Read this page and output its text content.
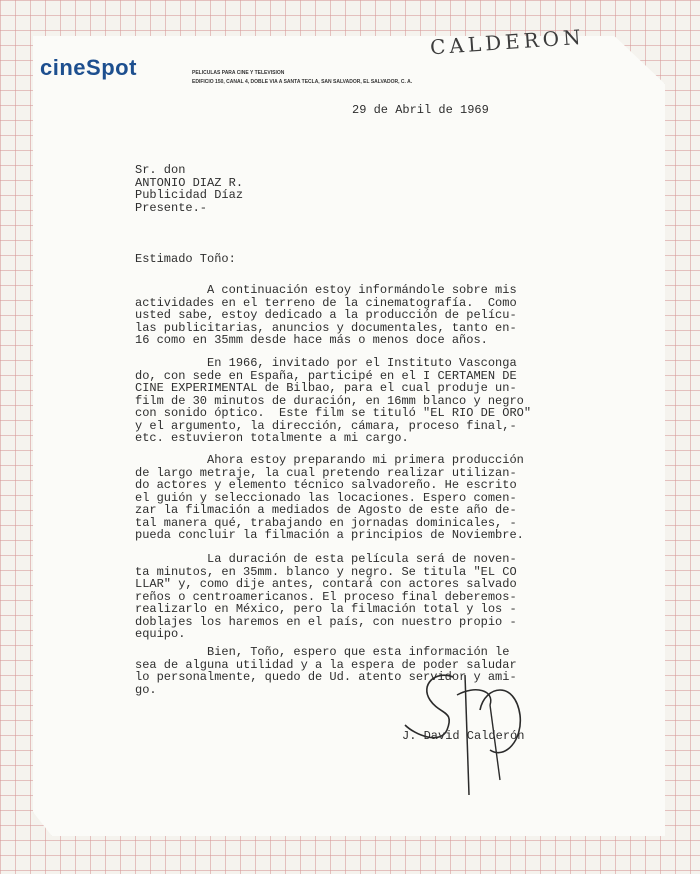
cineSpot	PELICULAS PARA CINE Y TELEVISION
EDIFICIO 150, CANAL 4, DOBLE VIA A SANTA TECLA, SAN SALVADOR, EL SALVADOR, C. A.
CALDERON

29 de Abril de 1969

Sr. don
ANTONIO DIAZ R.
Publicidad Díaz
Presente.-

Estimado Toño:

A continuación estoy informándole sobre mis
actividades en el terreno de la cinematografía.  Como
usted sabe, estoy dedicado a la producción de pelícu-
las publicitarias, anuncios y documentales, tanto en-
16 como en 35mm desde hace más o menos doce años.

En 1966, invitado por el Instituto Vasconga
do, con sede en España, participé en el I CERTAMEN DE
CINE EXPERIMENTAL de Bilbao, para el cual produje un-
film de 30 minutos de duración, en 16mm blanco y negro
con sonido óptico.  Este film se tituló "EL RIO DE ORO"
y el argumento, la dirección, cámara, proceso final,-
etc. estuvieron totalmente a mi cargo.

Ahora estoy preparando mi primera producción
de largo metraje, la cual pretendo realizar utilizan-
do actores y elemento técnico salvadoreño. He escrito
el guión y seleccionado las locaciones. Espero comen-
zar la filmación a mediados de Agosto de este año de-
tal manera qué, trabajando en jornadas dominicales, -
pueda concluir la filmación a principios de Noviembre.

La duración de esta película será de noven-
ta minutos, en 35mm. blanco y negro. Se titula "EL CO
LLAR" y, como dije antes, contará con actores salvado
reños o centroamericanos. El proceso final deberemos-
realizarlo en México, pero la filmación total y los -
doblajes los haremos en el país, con nuestro propio -
equipo.

Bien, Toño, espero que esta información le
sea de alguna utilidad y a la espera de poder saludar
lo personalmente, quedo de Ud. atento servidor y ami-
go.

J. David Calderón
